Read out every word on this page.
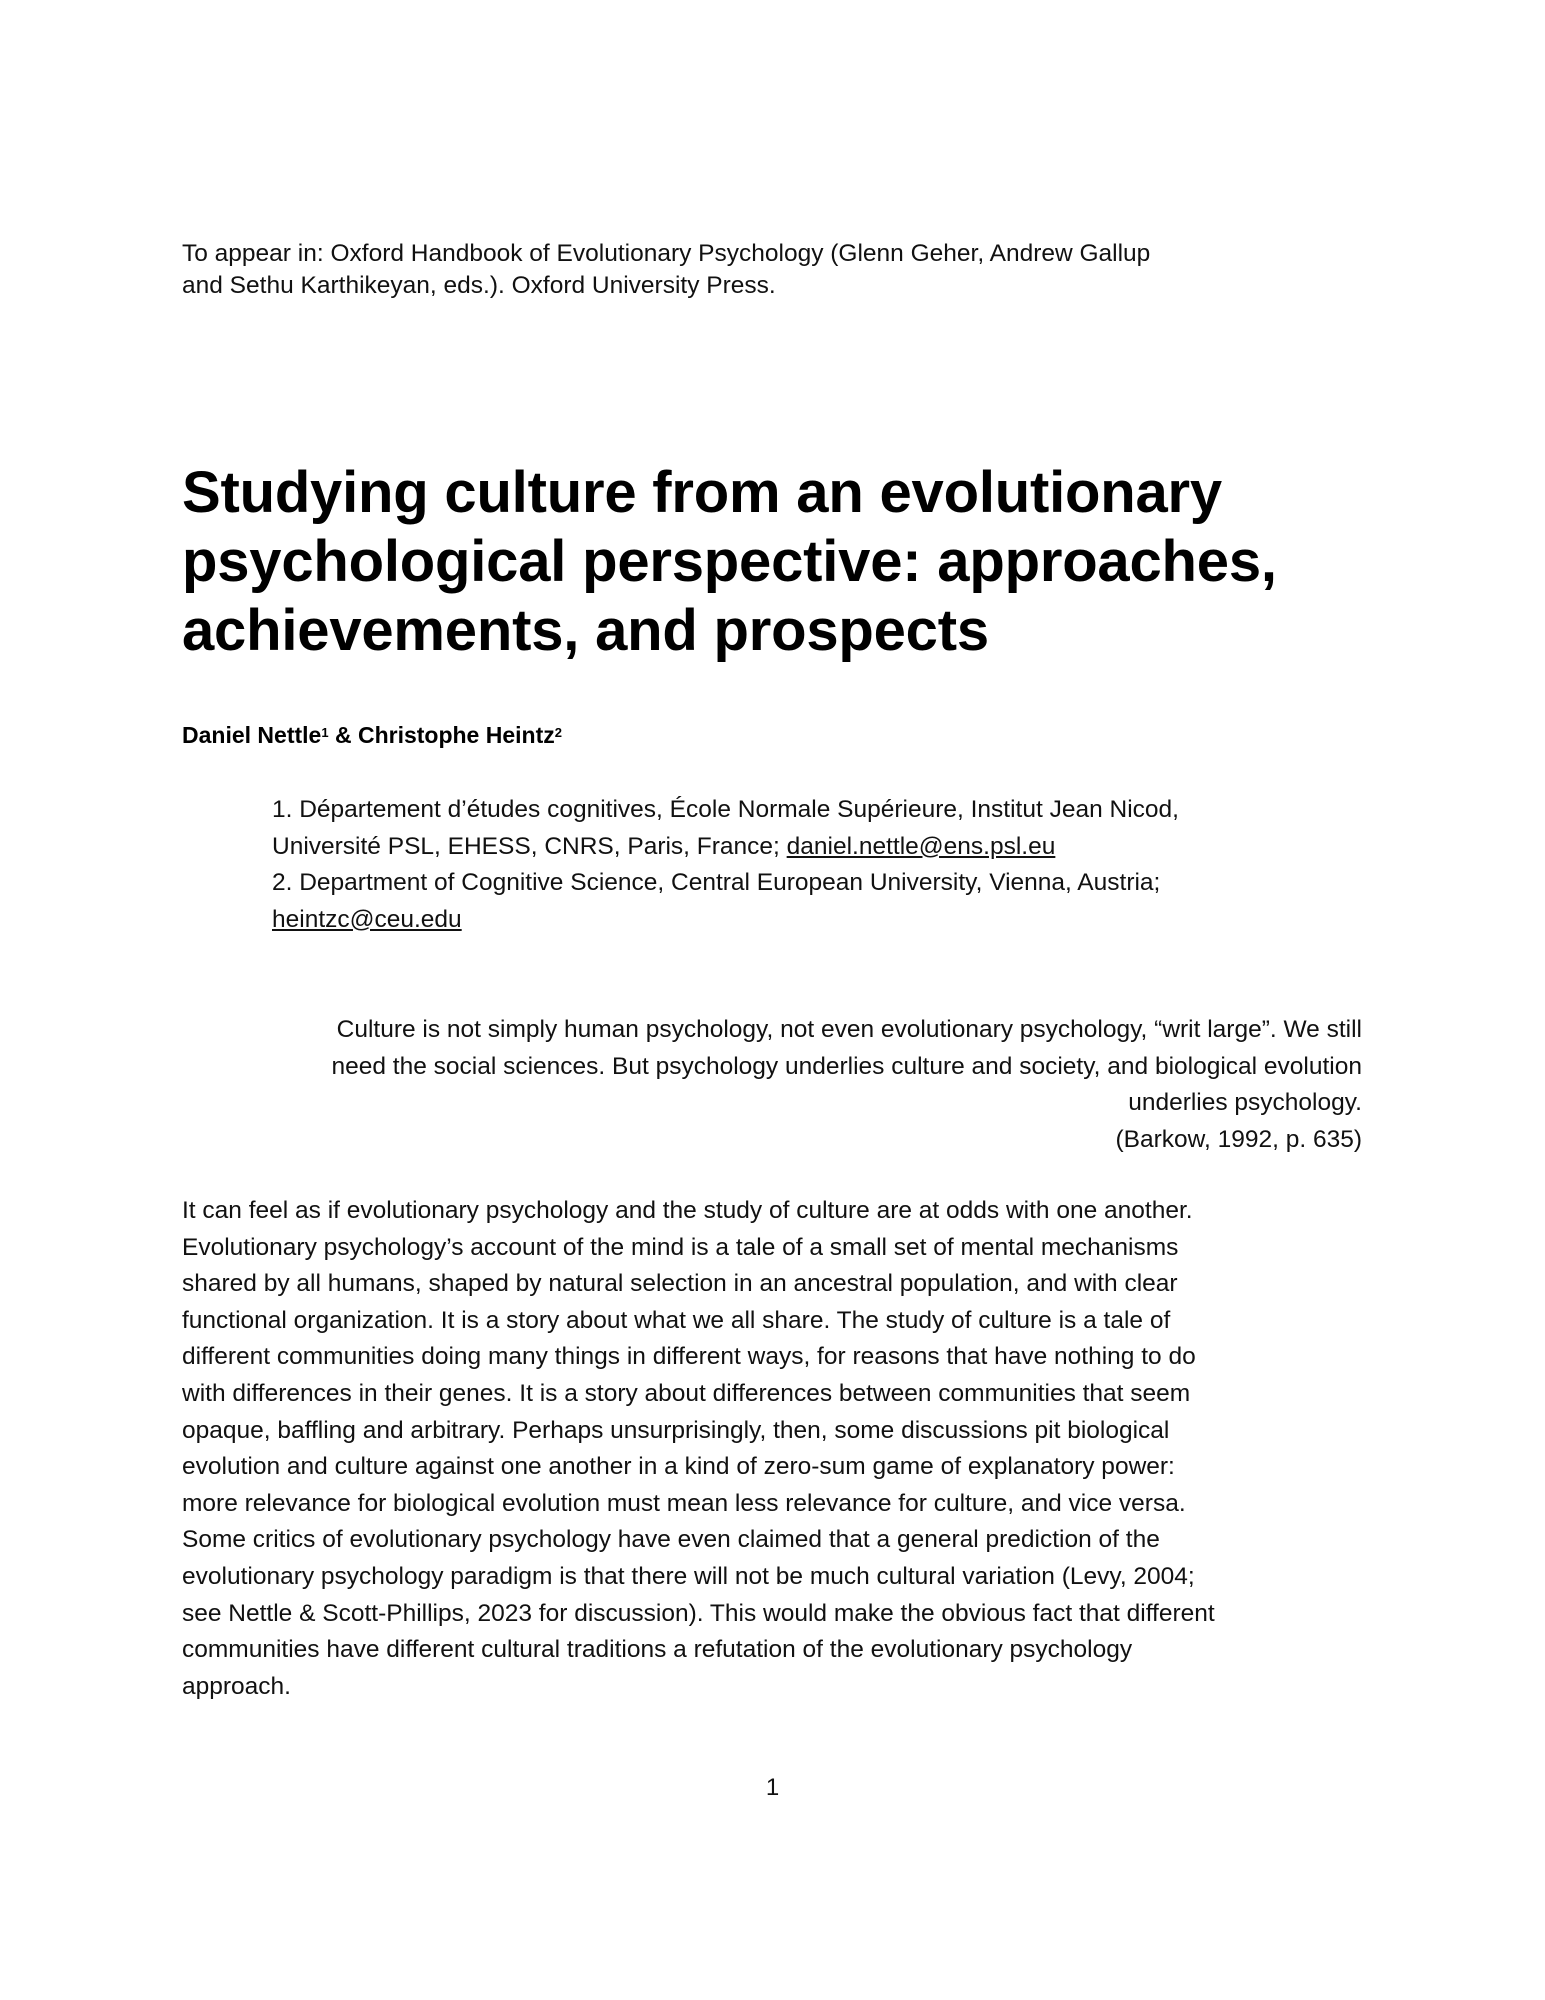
To appear in: Oxford Handbook of Evolutionary Psychology (Glenn Geher, Andrew Gallup
and Sethu Karthikeyan, eds.). Oxford University Press.
Studying culture from an evolutionary
psychological perspective: approaches,
achievements, and prospects
Daniel Nettle$^1$ & Christophe Heintz$^2$
1. Département d’études cognitives, École Normale Supérieure, Institut Jean Nicod,
Université PSL, EHESS, CNRS, Paris, France; daniel.nettle@ens.psl.eu
2. Department of Cognitive Science, Central European University, Vienna, Austria;
heintzc@ceu.edu
Culture is not simply human psychology, not even evolutionary psychology, “writ large”. We still
need the social sciences. But psychology underlies culture and society, and biological evolution
underlies psychology.
(Barkow, 1992, p. 635)

It can feel as if evolutionary psychology and the study of culture are at odds with one another.
Evolutionary psychology’s account of the mind is a tale of a small set of mental mechanisms
shared by all humans, shaped by natural selection in an ancestral population, and with clear
functional organization. It is a story about what we all share. The study of culture is a tale of
different communities doing many things in different ways, for reasons that have nothing to do
with differences in their genes. It is a story about differences between communities that seem
opaque, baffling and arbitrary. Perhaps unsurprisingly, then, some discussions pit biological
evolution and culture against one another in a kind of zero-sum game of explanatory power:
more relevance for biological evolution must mean less relevance for culture, and vice versa.
Some critics of evolutionary psychology have even claimed that a general prediction of the
evolutionary psychology paradigm is that there will not be much cultural variation (Levy, 2004;
see Nettle & Scott-Phillips, 2023 for discussion). This would make the obvious fact that different
communities have different cultural traditions a refutation of the evolutionary psychology
approach.

1
